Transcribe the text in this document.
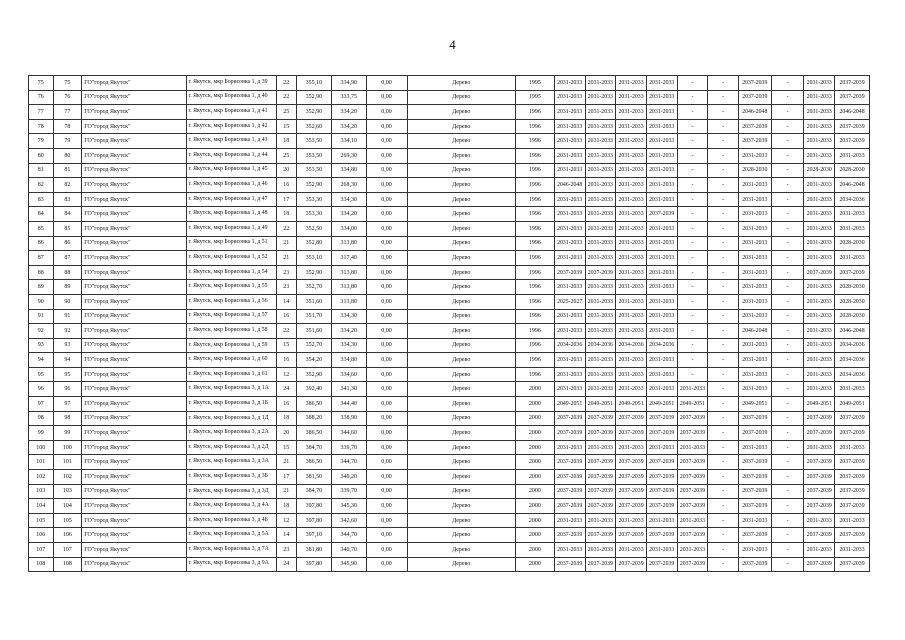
4
75	75	ГО"город Якутск"	г. Якутск, мкр Борисовка 1, д 39	22	355,10	334,90	0,00	Дерево	1995	2031-2033	2031-2033	2031-2033	2031-2033	-	-	2037-2039	-	2031-2033	2037-2039
76	76	ГО"город Якутск"	г. Якутск, мкр Борисовка 1, д 40	22	352,90	333,75	0,00	Дерево	1995	2031-2033	2031-2033	2031-2033	2031-2033	-	-	2037-2039	-	2031-2033	2037-2039
77	77	ГО"город Якутск"	г. Якутск, мкр Борисовка 1, д 41	25	352,90	334,20	0,00	Дерево	1996	2031-2033	2031-2033	2031-2033	2031-2033	-	-	2046-2048	-	2031-2033	2046-2048
78	78	ГО"город Якутск"	г. Якутск, мкр Борисовка 1, д 42	15	352,60	334,20	0,00	Дерево	1996	2031-2033	2031-2033	2031-2033	2031-2033	-	-	2037-2039	-	2031-2033	2037-2039
79	79	ГО"город Якутск"	г. Якутск, мкр Борисовка 1, д 43	18	353,50	334,10	0,00	Дерево	1996	2031-2033	2031-2033	2031-2033	2031-2033	-	-	2037-2039	-	2031-2033	2037-2039
80	80	ГО"город Якутск"	г. Якутск, мкр Борисовка 1, д 44	25	353,50	269,30	0,00	Дерево	1996	2031-2033	2031-2033	2031-2033	2031-2033	-	-	2031-2033	-	2031-2033	2031-2033
81	81	ГО"город Якутск"	г. Якутск, мкр Борисовка 1, д 45	20	353,50	334,80	0,00	Дерево	1996	2031-2033	2031-2033	2031-2033	2031-2033	-	-	2028-2030	-	2028-2030	2028-2030
82	82	ГО"город Якутск"	г. Якутск, мкр Борисовка 1, д 46	16	352,90	268,30	0,00	Дерево	1996	2046-2048	2031-2033	2031-2033	2031-2033	-	-	2031-2033	-	2031-2033	2046-2048
83	83	ГО"город Якутск"	г. Якутск, мкр Борисовка 1, д 47	17	353,30	334,30	0,00	Дерево	1996	2031-2033	2031-2033	2031-2033	2031-2033	-	-	2031-2033	-	2031-2033	2034-2036
84	84	ГО"город Якутск"	г. Якутск, мкр Борисовка 1, д 48	18	353,30	334,20	0,00	Дерево	1996	2031-2033	2031-2033	2031-2033	2037-2039	-	-	2031-2033	-	2031-2033	2031-2033
85	85	ГО"город Якутск"	г. Якутск, мкр Борисовка 1, д 49	22	352,50	334,00	0,00	Дерево	1996	2031-2033	2031-2033	2031-2033	2031-2033	-	-	2031-2033	-	2031-2033	2031-2033
86	86	ГО"город Якутск"	г. Якутск, мкр Борисовка 1, д 51	21	352,80	313,80	0,00	Дерево	1996	2031-2033	2031-2033	2031-2033	2031-2033	-	-	2031-2033	-	2031-2033	2028-2030
87	87	ГО"город Якутск"	г. Якутск, мкр Борисовка 1, д 52	21	353,10	317,40	0,00	Дерево	1996	2031-2033	2031-2033	2031-2033	2031-2033	-	-	2031-2033	-	2031-2033	2031-2033
88	88	ГО"город Якутск"	г. Якутск, мкр Борисовка 1, д 54	23	352,90	313,80	0,00	Дерево	1996	2037-2039	2037-2039	2031-2033	2031-2033	-	-	2031-2033	-	2037-2039	2037-2039
89	89	ГО"город Якутск"	г. Якутск, мкр Борисовка 1, д 55	23	352,70	313,80	0,00	Дерево	1996	2031-2033	2031-2033	2031-2033	2031-2033	-	-	2031-2033	-	2031-2033	2028-2030
90	90	ГО"город Якутск"	г. Якутск, мкр Борисовка 1, д 56	14	351,60	313,80	0,00	Дерево	1996	2025-2027	2031-2033	2031-2033	2031-2033	-	-	2031-2033	-	2031-2033	2028-2030
91	91	ГО"город Якутск"	г. Якутск, мкр Борисовка 1, д 57	16	351,70	334,30	0,00	Дерево	1996	2031-2033	2031-2033	2031-2033	2031-2033	-	-	2031-2033	-	2031-2033	2028-2030
92	92	ГО"город Якутск"	г. Якутск, мкр Борисовка 1, д 58	22	351,60	334,20	0,00	Дерево	1996	2031-2033	2031-2033	2031-2033	2031-2033	-	-	2046-2048	-	2031-2033	2046-2048
93	93	ГО"город Якутск"	г. Якутск, мкр Борисовка 1, д 59	15	352,70	334,30	0,00	Дерево	1996	2034-2036	2034-2036	2034-2036	2034-2036	-	-	2031-2033	-	2031-2033	2034-2036
94	94	ГО"город Якутск"	г. Якутск, мкр Борисовка 1, д 60	16	354,20	334,80	0,00	Дерево	1996	2031-2033	2031-2033	2031-2033	2031-2033	-	-	2031-2033	-	2031-2033	2034-2036
95	95	ГО"город Якутск"	г. Якутск, мкр Борисовка 1, д 61	12	352,90	334,60	0,00	Дерево	1996	2031-2033	2031-2033	2031-2033	2031-2033	-	-	2031-2033	-	2031-2033	2034-2036
96	96	ГО"город Якутск"	г. Якутск, мкр Борисовка 3, д 1А	24	392,40	341,30	0,00	Дерево	2000	2031-2033	2031-2033	2031-2033	2031-2033	2031-2033	-	2031-2033	-	2031-2033	2031-2033
97	97	ГО"город Якутск"	г. Якутск, мкр Борисовка 3, д 1Б	16	386,50	344,40	0,00	Дерево	2000	2049-2051	2049-2051	2049-2051	2049-2051	2049-2051	-	2049-2051	-	2049-2051	2049-2051
98	98	ГО"город Якутск"	г. Якутск, мкр Борисовка 3, д 1Д	18	388,20	338,90	0,00	Дерево	2000	2037-2039	2037-2039	2037-2039	2037-2039	2037-2039	-	2037-2039	-	2037-2039	2037-2039
99	99	ГО"город Якутск"	г. Якутск, мкр Борисовка 3, д 2А	20	386,50	344,60	0,00	Дерево	2000	2037-2039	2037-2039	2037-2039	2037-2039	2037-2039	-	2037-2039	-	2037-2039	2037-2039
100	100	ГО"город Якутск"	г. Якутск, мкр Борисовка 3, д 2Д	15	384,70	339,70	0,00	Дерево	2000	2031-2033	2031-2033	2031-2033	2031-2033	2031-2033	-	2031-2033	-	2031-2033	2031-2033
101	101	ГО"город Якутск"	г. Якутск, мкр Борисовка 3, д 3А	21	386,50	344,70	0,00	Дерево	2000	2037-2039	2037-2039	2037-2039	2037-2039	2037-2039	-	2037-2039	-	2037-2039	2037-2039
102	102	ГО"город Якутск"	г. Якутск, мкр Борисовка 3, д 3Б	17	381,50	340,20	0,00	Дерево	2000	2037-2039	2037-2039	2037-2039	2037-2039	2037-2039	-	2037-2039	-	2037-2039	2037-2039
103	103	ГО"город Якутск"	г. Якутск, мкр Борисовка 3, д 3Д	21	384,70	339,70	0,00	Дерево	2000	2037-2039	2037-2039	2037-2039	2037-2039	2037-2039	-	2037-2039	-	2037-2039	2037-2039
104	104	ГО"город Якутск"	г. Якутск, мкр Борисовка 3, д 4А	18	397,80	345,30	0,00	Дерево	2000	2037-2039	2037-2039	2037-2039	2037-2039	2037-2039	-	2037-2039	-	2037-2039	2037-2039
105	105	ГО"город Якутск"	г. Якутск, мкр Борисовка 3, д 4Б	12	397,80	342,60	0,00	Дерево	2000	2031-2033	2031-2033	2031-2033	2031-2033	2031-2033	-	2031-2033	-	2031-2033	2031-2033
106	106	ГО"город Якутск"	г. Якутск, мкр Борисовка 3, д 5А	14	397,10	344,70	0,00	Дерево	2000	2037-2039	2037-2039	2037-2039	2037-2039	2037-2039	-	2037-2039	-	2037-2039	2037-2039
107	107	ГО"город Якутск"	г. Якутск, мкр Борисовка 3, д 7А	23	381,80	340,70	0,00	Дерево	2000	2031-2033	2031-2033	2031-2033	2031-2033	2031-2033	-	2031-2033	-	2031-2033	2031-2033
108	108	ГО"город Якутск"	г. Якутск, мкр Борисовка 3, д 9А	24	397,80	345,90	0,00	Дерево	2000	2037-2039	2037-2039	2037-2039	2037-2039	2037-2039	-	2037-2039	-	2037-2039	2037-2039
